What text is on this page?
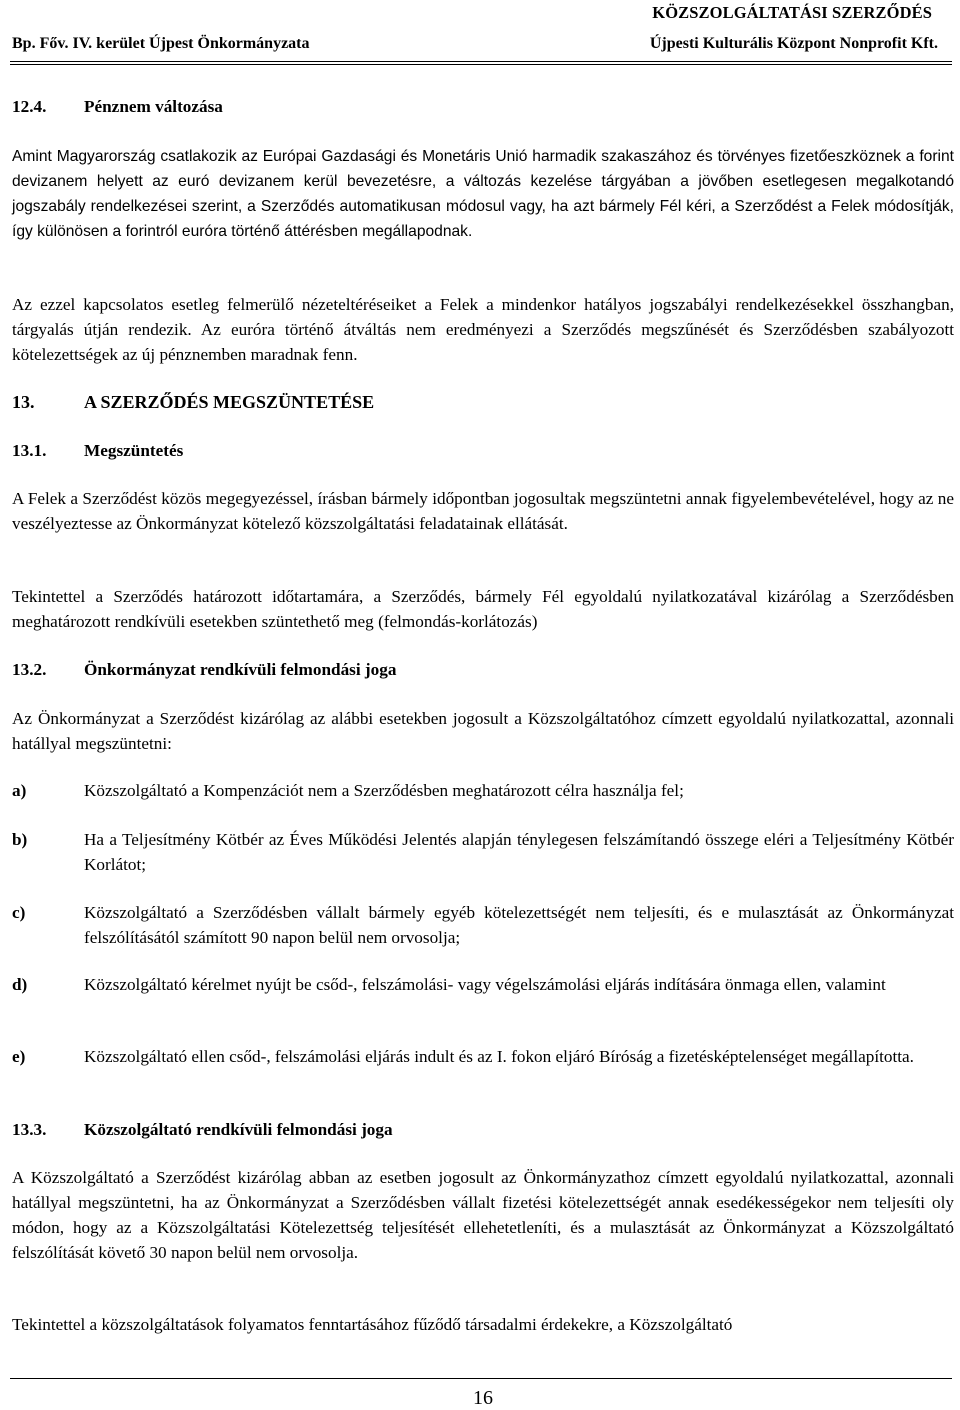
KÖZSZOLGÁLTATÁSI SZERZŐDÉS
Bp. Főv. IV. kerület Újpest Önkormányzata	Újpesti Kulturális Központ Nonprofit Kft.
12.4.	Pénznem változása
Amint Magyarország csatlakozik az Európai Gazdasági és Monetáris Unió harmadik szakaszához és törvényes fizetőeszköznek a forint devizanem helyett az euró devizanem kerül bevezetésre, a változás kezelése tárgyában a jövőben esetlegesen megalkotandó jogszabály rendelkezései szerint, a Szerződés automatikusan módosul vagy, ha azt bármely Fél kéri, a Szerződést a Felek módosítják, így különösen a forintról euróra történő áttérésben megállapodnak.
Az ezzel kapcsolatos esetleg felmerülő nézeteltéréseiket a Felek a mindenkor hatályos jogszabályi rendelkezésekkel összhangban, tárgyalás útján rendezik. Az euróra történő átváltás nem eredményezi a Szerződés megszűnését és Szerződésben szabályozott kötelezettségek az új pénznemben maradnak fenn.
13.	A SZERZŐDÉS MEGSZÜNTETÉSE
13.1.	Megszüntetés
A Felek a Szerződést közös megegyezéssel, írásban bármely időpontban jogosultak megszüntetni annak figyelembevételével, hogy az ne veszélyeztesse az Önkormányzat kötelező közszolgáltatási feladatainak ellátását.
Tekintettel a Szerződés határozott időtartamára, a Szerződés, bármely Fél egyoldalú nyilatkozatával kizárólag a Szerződésben meghatározott rendkívüli esetekben szüntethető meg (felmondás-korlátozás)
13.2.	Önkormányzat rendkívüli felmondási joga
Az Önkormányzat a Szerződést kizárólag az alábbi esetekben jogosult a Közszolgáltatóhoz címzett egyoldalú nyilatkozattal, azonnali hatállyal megszüntetni:
a)	Közszolgáltató a Kompenzációt nem a Szerződésben meghatározott célra használja fel;
b)	Ha a Teljesítmény Kötbér az Éves Működési Jelentés alapján ténylegesen felszámítandó összege eléri a Teljesítmény Kötbér Korlátot;
c)	Közszolgáltató a Szerződésben vállalt bármely egyéb kötelezettségét nem teljesíti, és e mulasztását az Önkormányzat felszólításától számított 90 napon belül nem orvosolja;
d)	Közszolgáltató kérelmet nyújt be csőd-, felszámolási- vagy végelszámolási eljárás indítására önmaga ellen, valamint
e)	Közszolgáltató ellen csőd-, felszámolási eljárás indult és az I. fokon eljáró Bíróság a fizetésképtelenséget megállapította.
13.3.	Közszolgáltató rendkívüli felmondási joga
A Közszolgáltató a Szerződést kizárólag abban az esetben jogosult az Önkormányzathoz címzett egyoldalú nyilatkozattal, azonnali hatállyal megszüntetni, ha az Önkormányzat a Szerződésben vállalt fizetési kötelezettségét annak esedékességekor nem teljesíti oly módon, hogy az a Közszolgáltatási Kötelezettség teljesítését ellehetetleníti, és a mulasztását az Önkormányzat a Közszolgáltató felszólítását követő 30 napon belül nem orvosolja.
Tekintettel a közszolgáltatások folyamatos fenntartásához fűződő társadalmi érdekekre, a Közszolgáltató
16
